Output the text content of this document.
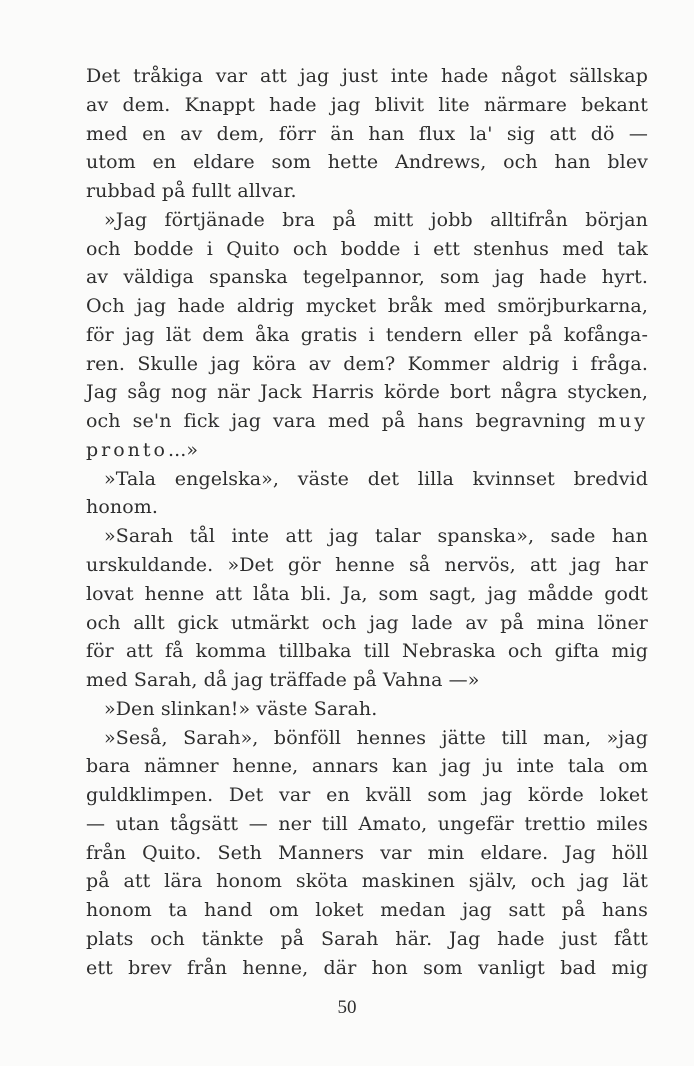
Det tråkiga var att jag just inte hade något sällskap
av dem. Knappt hade jag blivit lite närmare bekant
med en av dem, förr än han flux la' sig att dö —
utom en eldare som hette Andrews, och han blev
rubbad på fullt allvar.
»Jag förtjänade bra på mitt jobb alltifrån början
och bodde i Quito och bodde i ett stenhus med tak
av väldiga spanska tegelpannor, som jag hade hyrt.
Och jag hade aldrig mycket bråk med smörjburkarna,
för jag lät dem åka gratis i tendern eller på kofånga-
ren. Skulle jag köra av dem? Kommer aldrig i fråga.
Jag såg nog när Jack Harris körde bort några stycken,
och se'n fick jag vara med på hans begravning muy
pronto...»
»Tala engelska», väste det lilla kvinnset bredvid
honom.
»Sarah tål inte att jag talar spanska», sade han
urskuldande. »Det gör henne så nervös, att jag har
lovat henne att låta bli. Ja, som sagt, jag mådde godt
och allt gick utmärkt och jag lade av på mina löner
för att få komma tillbaka till Nebraska och gifta mig
med Sarah, då jag träffade på Vahna —»
»Den slinkan!» väste Sarah.
»Seså, Sarah», bönföll hennes jätte till man, »jag
bara nämner henne, annars kan jag ju inte tala om
guldklimpen. Det var en kväll som jag körde loket
— utan tågsätt — ner till Amato, ungefär trettio miles
från Quito. Seth Manners var min eldare. Jag höll
på att lära honom sköta maskinen själv, och jag lät
honom ta hand om loket medan jag satt på hans
plats och tänkte på Sarah här. Jag hade just fått
ett brev från henne, där hon som vanligt bad mig
50
